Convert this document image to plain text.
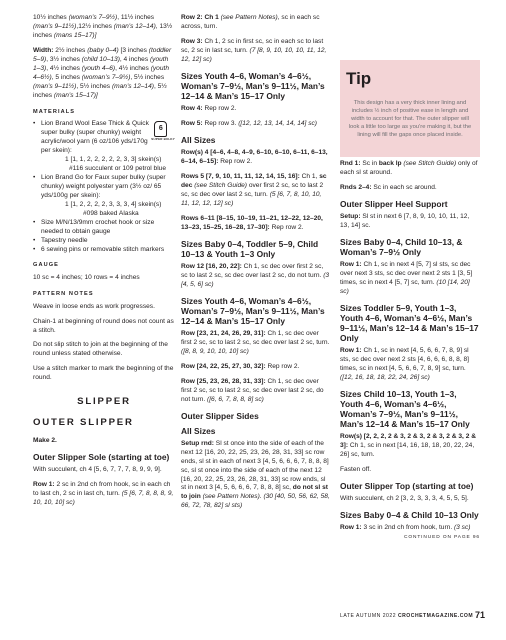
10½ inches (woman’s 7–9½), 11½ inches (man’s 9–11½),12½ inches (man’s 12–14), 13½ inches (mans 15–17)]

Width: 2½ inches (baby 0–4) [3 inches (toddler 5–9), 3½ inches (child 10–13), 4 inches (youth 1–3), 4½ inches (youth 4–6), 4½ inches (youth 4–6½), 5 inches (woman’s 7–9½), 5½ inches (man’s 9–11½), 5½ inches (man’s 12–14), 5½ inches (man’s 15–17)]

MATERIALS
• Lion Brand Wool Ease Thick & Quick super bulky (super chunky) weight acrylic/wool yarn (6 oz/106 yds/170g per skein):
6
SUPER BULKY
1 [1, 1, 2, 2, 2, 2, 2, 3, 3] skein(s)
#116 succulent or 109 petrol blue
• Lion Brand Go for Faux super bulky (super chunky) weight polyester yarn (3½ oz/ 65 yds/100g per skein):
1 [1, 2, 2, 2, 2, 3, 3, 3, 4] skein(s)
#098 baked Alaska
• Size M/N/13/9mm crochet hook or size needed to obtain gauge
• Tapestry needle
• 6 sewing pins or removable stitch markers
GAUGE

10 sc = 4 inches; 10 rows = 4 inches

PATTERN NOTES

Weave in loose ends as work progresses.

Chain-1 at beginning of round does not count as a stitch.

Do not slip stitch to join at the beginning of the round unless stated otherwise.

Use a stitch marker to mark the beginning of the round.

SLIPPER
OUTER SLIPPER

Make 2.

Outer Slipper Sole (starting at toe)

With succulent, ch 4 [5, 6, 7, 7, 7, 8, 9, 9, 9].

Row 1: 2 sc in 2nd ch from hook, sc in each ch to last ch, 2 sc in last ch, turn. (5 [6, 7, 8, 8, 8, 9, 10, 10, 10] sc)

Row 2: Ch 1 (see Pattern Notes), sc in each sc across, turn.

Row 3: Ch 1, 2 sc in first sc, sc in each sc to last sc, 2 sc in last sc, turn. (7 [8, 9, 10, 10, 10, 11, 12, 12, 12] sc)

Sizes Youth 4–6, Woman’s 4–6½, Woman’s 7–9½, Man’s 9–11½, Man’s 12–14 & Man’s 15–17 Only

Row 4: Rep row 2.

Row 5: Rep row 3. ([12, 12, 13, 14, 14, 14] sc)

All Sizes

Row(s) 4 [4–6, 4–8, 4–9, 6–10, 6–10, 6–11, 6–13, 6–14, 6–15]: Rep row 2.

Rows 5 [7, 9, 10, 11, 11, 12, 14, 15, 16]: Ch 1, sc dec (see Stitch Guide) over first 2 sc, sc to last 2 sc, sc dec over last 2 sc, turn. (5 [6, 7, 8, 10, 10, 11, 12, 12, 12] sc)

Rows 6–11 [8–15, 10–19, 11–21, 12–22, 12–20, 13–23, 15–25, 16–28, 17–30]: Rep row 2.

Sizes Baby 0–4, Toddler 5–9, Child 10–13 & Youth 1–3 Only

Row 12 [16, 20, 22]: Ch 1, sc dec over first 2 sc, sc to last 2 sc, sc dec over last 2 sc, do not turn. (3 [4, 5, 6] sc)

Sizes Youth 4–6, Woman’s 4–6½, Woman’s 7–9½, Man’s 9–11½, Man’s 12–14 & Man’s 15–17 Only

Row [23, 21, 24, 26, 29, 31]: Ch 1, sc dec over first 2 sc, sc to last 2 sc, sc dec over last 2 sc, turn. ([8, 8, 9, 10, 10, 10] sc)

Row [24, 22, 25, 27, 30, 32]: Rep row 2.

Row [25, 23, 26, 28, 31, 33]: Ch 1, sc dec over first 2 sc, sc to last 2 sc, sc dec over last 2 sc, do not turn. ([6, 6, 7, 8, 8, 8] sc)

Outer Slipper Sides
All Sizes

Setup rnd: Sl st once into the side of each of the next 12 [16, 20, 22, 25, 23, 26, 28, 31, 33] sc row ends, sl st in each of next 3 [4, 5, 6, 6, 6, 7, 8, 8, 8] sc, sl st once into the side of each of the next 12 [16, 20, 22, 25, 23, 26, 28, 31, 33] sc row ends, sl st in next 3 [4, 5, 6, 6, 6, 7, 8, 8, 8] sc, do not sl st to join (see Pattern Notes). (30 [40, 50, 56, 62, 58, 66, 72, 78, 82] sl sts)

Tip
This design has a very thick inner lining and includes ½ inch of positive ease in length and width to account for that. The outer slipper will look a little too large as you’re making it, but the lining will fill the gaps once placed inside.

Rnd 1: Sc in back lp (see Stitch Guide) only of each sl st around.

Rnds 2–4: Sc in each sc around.

Outer Slipper Heel Support

Setup: Sl st in next 6 [7, 8, 9, 10, 10, 11, 12, 13, 14] sc.

Sizes Baby 0–4, Child 10–13, & Woman’s 7–9½ Only

Row 1: Ch 1, sc in next 4 [5, 7] sl sts, sc dec over next 3 sts, sc dec over next 2 sts 1 [3, 5] times, sc in next 4 [5, 7] sc, turn. (10 [14, 20] sc)

Sizes Toddler 5–9, Youth 1–3, Youth 4–6, Woman’s 4–6½, Man’s 9–11½, Man’s 12–14 & Man’s 15–17 Only

Row 1: Ch 1, sc in next [4, 5, 6, 6, 7, 8, 9] sl sts, sc dec over next 2 sts [4, 6, 6, 6, 8, 8, 8] times, sc in next [4, 5, 6, 6, 7, 8, 9] sc, turn. ([12, 16, 18, 18, 22, 24, 26] sc)

Sizes Child 10–13, Youth 1–3, Youth 4–6, Woman’s 4–6½, Woman’s 7–9½, Man’s 9–11½, Man’s 12–14 & Man’s 15–17 Only

Row(s) [2, 2, 2, 2 & 3, 2 & 3, 2 & 3, 2 & 3, 2 & 3]: Ch 1, sc in next [14, 16, 18, 18, 20, 22, 24, 26] sc, turn.

Fasten off.

Outer Slipper Top (starting at toe)

With succulent, ch 2 [3, 2, 3, 3, 3, 4, 5, 5, 5].

Sizes Baby 0–4 & Child 10–13 Only

Row 1: 3 sc in 2nd ch from hook, turn. (3 sc)

CONTINUED ON PAGE 96
LATE AUTUMN 2022 CROCHETMAGAZINE.COM 71
